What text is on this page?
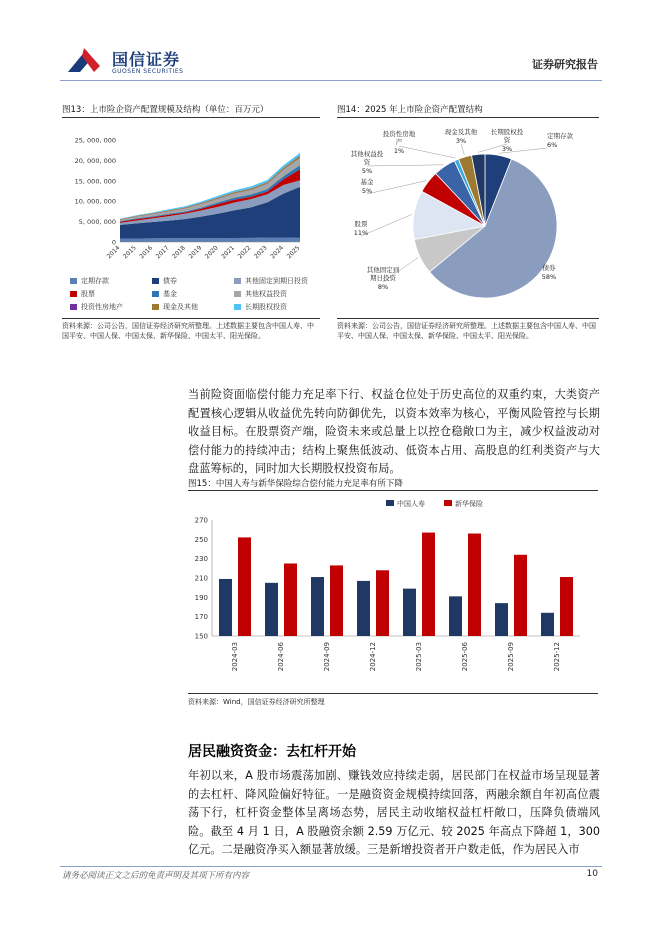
国信证券
GUOSEN SECURITIES
证券研究报告
图13：上市险企资产配置规模及结构（单位：百万元）
25, 000, 000
20, 000, 000
15, 000, 000
10, 000, 000
5, 000, 000
0
2014 2015 2016 2017 2018 2019 2020 2021 2022 2023 2024 2025
定期存款	债券	其他固定到期日投资
股票	基金	其他权益投资
投资性房地产	现金及其他	长期股权投资
资料来源：公司公告，国信证券经济研究所整理。上述数据主要包含中国人寿、中国平安、中国人保、中国太保、新华保险、中国太平、阳光保险。
图14：2025 年上市险企资产配置结构
定期存款 6%
债券 58%
其他固定到期日投资 8%
股票 11%
基金 5%
其他权益投资 5%
投资性房地产 1%
现金及其他 3%
长期股权投资 3%
资料来源：公司公告，国信证券经济研究所整理。上述数据主要包含中国人寿、中国平安、中国人保、中国太保、新华保险、中国太平、阳光保险。
当前险资面临偿付能力充足率下行、权益仓位处于历史高位的双重约束，大类资产配置核心逻辑从收益优先转向防御优先，以资本效率为核心，平衡风险管控与长期收益目标。在股票资产端，险资未来或总量上以控仓稳敞口为主，减少权益波动对偿付能力的持续冲击；结构上聚焦低波动、低资本占用、高股息的红利类资产与大盘蓝筹标的，同时加大长期股权投资布局。
图15：中国人寿与新华保险综合偿付能力充足率有所下降
270
250
230
210
190
170
150
2024-03	2024-06	2024-09	2024-12	2025-03	2025-06	2025-09	2025-12
中国人寿	新华保险
资料来源：Wind，国信证券经济研究所整理
居民融资资金：去杠杆开始
年初以来，A 股市场震荡加剧、赚钱效应持续走弱，居民部门在权益市场呈现显著的去杠杆、降风险偏好特征。一是融资资金规模持续回落，两融余额自年初高位震荡下行，杠杆资金整体呈离场态势，居民主动收缩权益杠杆敞口，压降负债端风险。截至 4 月 1 日，A 股融资余额 2.59 万亿元、较 2025 年高点下降超 1，300 亿元。二是融资净买入额显著放缓。三是新增投资者开户数走低，作为居民入市
请务必阅读正文之后的免责声明及其项下所有内容	10
